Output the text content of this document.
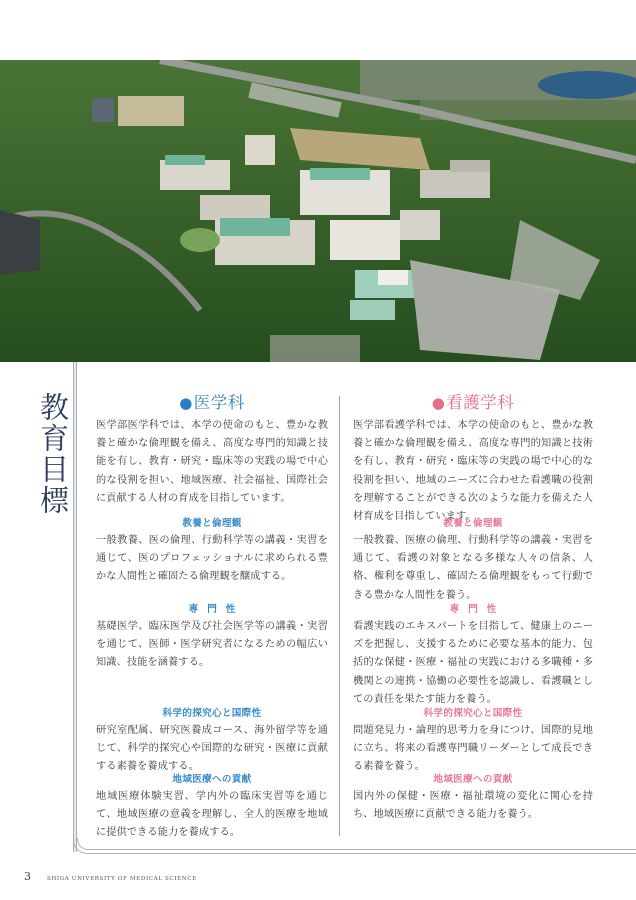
教育目標	●医学科

医学部医学科では、本学の使命のもと、豊かな教養と確かな倫理観を備え、高度な専門的知識と技能を有し、教育・研究・臨床等の実践の場で中心的な役割を担い、地域医療、社会福祉、国際社会に貢献する人材の育成を目指しています。

教養と倫理観

一般教養、医の倫理、行動科学等の講義・実習を通じて、医のプロフェッショナルに求められる豊かな人間性と確固たる倫理観を醸成する。

専門性

基礎医学、臨床医学及び社会医学等の講義・実習を通じて、医師・医学研究者になるための幅広い知識、技能を涵養する。

科学的探究心と国際性

研究室配属、研究医養成コース、海外留学等を通じて、科学的探究心や国際的な研究・医療に貢献する素養を養成する。

地域医療への貢献

地域医療体験実習、学内外の臨床実習等を通じて、地域医療の意義を理解し、全人的医療を地域に提供できる能力を養成する。

●看護学科

医学部看護学科では、本学の使命のもと、豊かな教養と確かな倫理観を備え、高度な専門的知識と技術を有し、教育・研究・臨床等の実践の場で中心的な役割を担い、地域のニーズに合わせた看護職の役割を理解することができる次のような能力を備えた人材育成を目指しています。

教養と倫理観

一般教養、医療の倫理、行動科学等の講義・実習を通じて、看護の対象となる多様な人々の信条、人格、権利を尊重し、確固たる倫理観をもって行動できる豊かな人間性を養う。

専門性

看護実践のエキスパートを目指して、健康上のニーズを把握し、支援するために必要な基本的能力、包括的な保健・医療・福祉の実践における多職種・多機関との連携・協働の必要性を認識し、看護職としての責任を果たす能力を養う。

科学的探究心と国際性

問題発見力・論理的思考力を身につけ、国際的見地に立ち、将来の看護専門職リーダーとして成長できる素養を養う。

地域医療への貢献

国内外の保健・医療・福祉環境の変化に関心を持ち、地域医療に貢献できる能力を養う。

3	SHIGA UNIVERSITY OF MEDICAL SCIENCE
